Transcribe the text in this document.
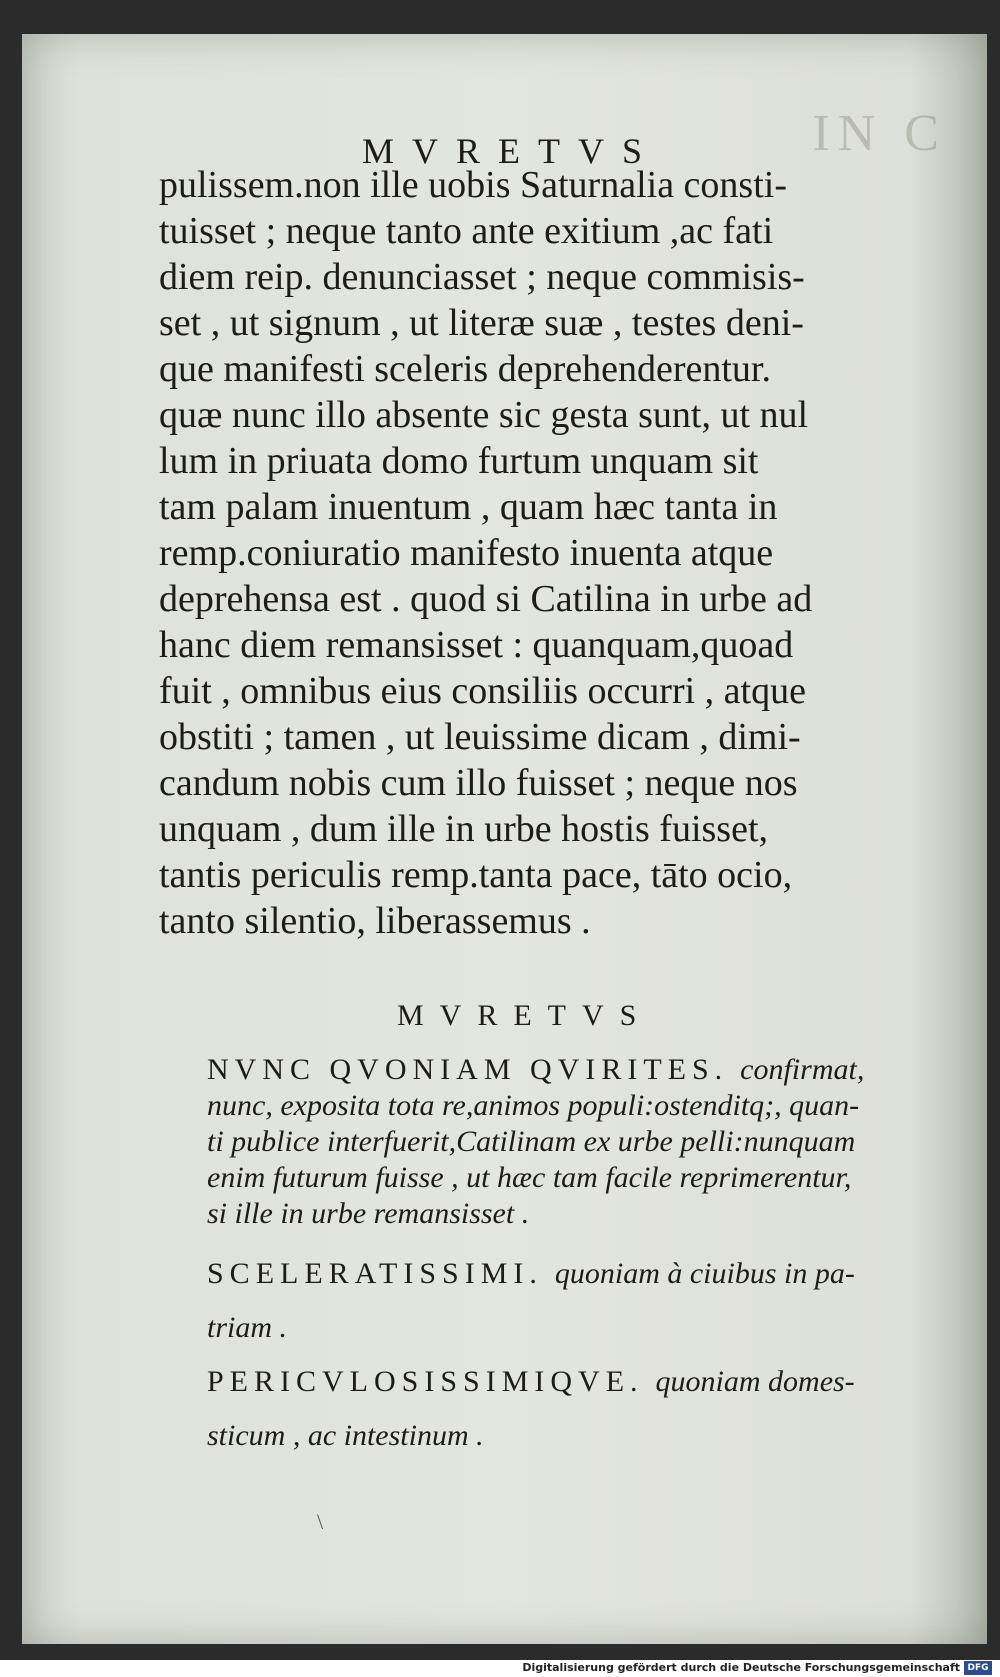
IN C
MVRETVS
pulissem.non ille uobis Saturnalia consti‐
tuisset ; neque tanto ante exitium ,ac fati
diem reip. denunciasset ; neque commisis‐
set , ut signum , ut literæ suæ , testes deni‐
que manifesti sceleris deprehenderentur.
quæ nunc illo absente sic gesta sunt, ut nul
lum in priuata domo furtum unquam sit
tam palam inuentum , quam hæc tanta in
remp.coniuratio manifesto inuenta atque
deprehensa est . quod si Catilina in urbe ad
hanc diem remansisset : quanquam,quoad
fuit , omnibus eius consiliis occurri , atque
obstiti ; tamen , ut leuissime dicam , dimi‐
candum nobis cum illo fuisset ; neque nos
unquam , dum ille in urbe hostis fuisset,
tantis periculis remp.tanta pace, tāto ocio,
tanto silentio, liberassemus .
MVRETVS
NVNC QVONIAM QVIRITES. confirmat,
nunc, exposita tota re,animos populi:ostenditq;, quan‐
ti publice interfuerit,Catilinam ex urbe pelli:nunquam
enim futurum fuisse , ut hæc tam facile reprimerentur,
si ille in urbe remansisset .
SCELERATISSIMI. quoniam à ciuibus in pa‐
triam .
PERICVLOSISSIMIQVE. quoniam domes‐
sticum , ac intestinum .
\
Digitalisierung gefördert durch die Deutsche Forschungsgemeinschaft DFG
